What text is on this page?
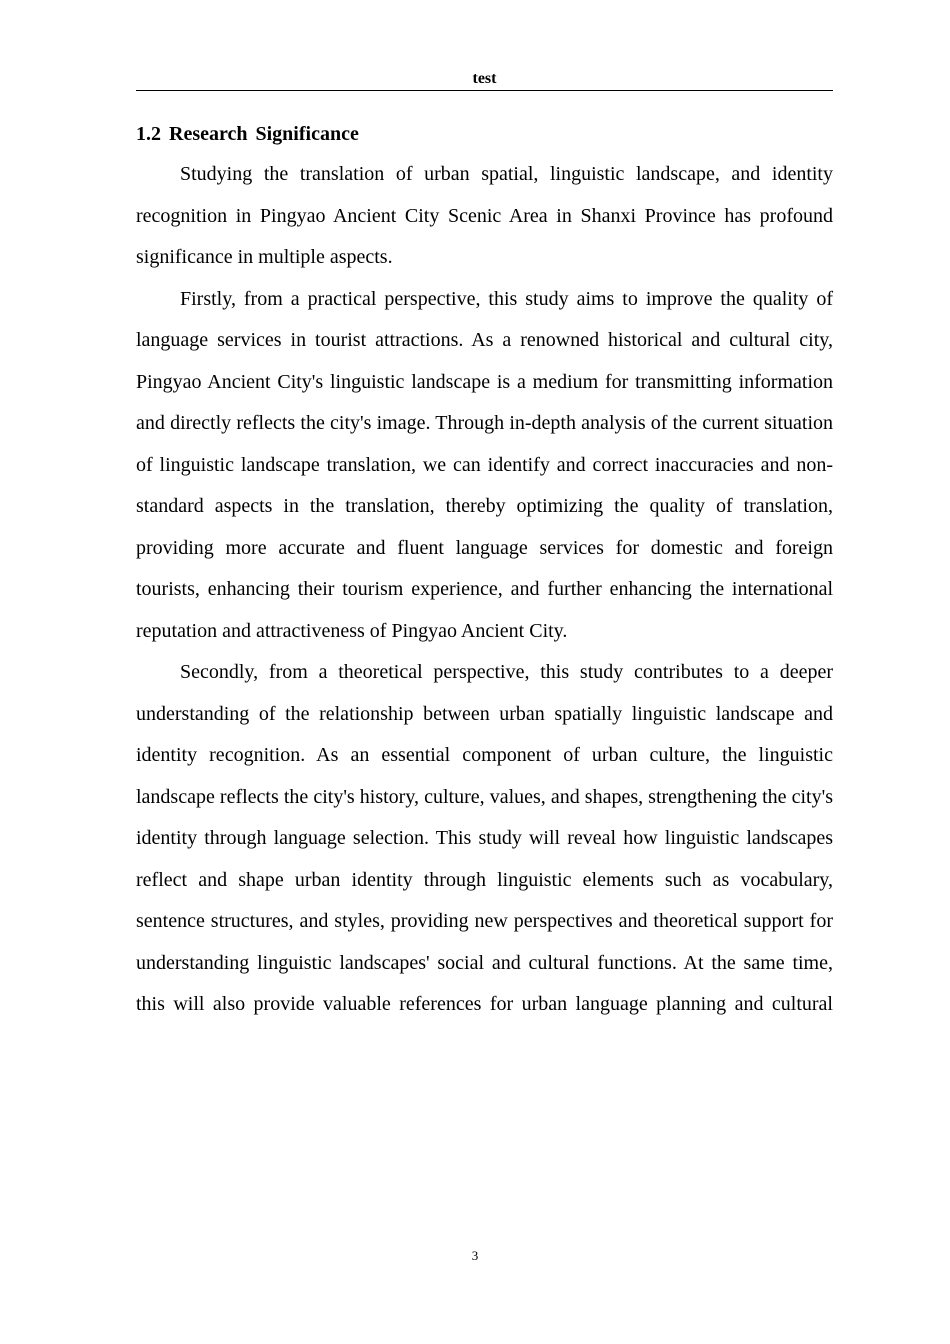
test
1.2 Research Significance

Studying the translation of urban spatial, linguistic landscape, and identity recognition in Pingyao Ancient City Scenic Area in Shanxi Province has profound significance in multiple aspects.

Firstly, from a practical perspective, this study aims to improve the quality of language services in tourist attractions. As a renowned historical and cultural city, Pingyao Ancient City's linguistic landscape is a medium for transmitting information and directly reflects the city's image. Through in-depth analysis of the current situation of linguistic landscape translation, we can identify and correct inaccuracies and non-standard aspects in the translation, thereby optimizing the quality of translation, providing more accurate and fluent language services for domestic and foreign tourists, enhancing their tourism experience, and further enhancing the international reputation and attractiveness of Pingyao Ancient City.

Secondly, from a theoretical perspective, this study contributes to a deeper understanding of the relationship between urban spatially linguistic landscape and identity recognition. As an essential component of urban culture, the linguistic landscape reflects the city's history, culture, values, and shapes, strengthening the city's identity through language selection. This study will reveal how linguistic landscapes reflect and shape urban identity through linguistic elements such as vocabulary, sentence structures, and styles, providing new perspectives and theoretical support for understanding linguistic landscapes' social and cultural functions. At the same time, this will also provide valuable references for urban language planning and cultural

3
